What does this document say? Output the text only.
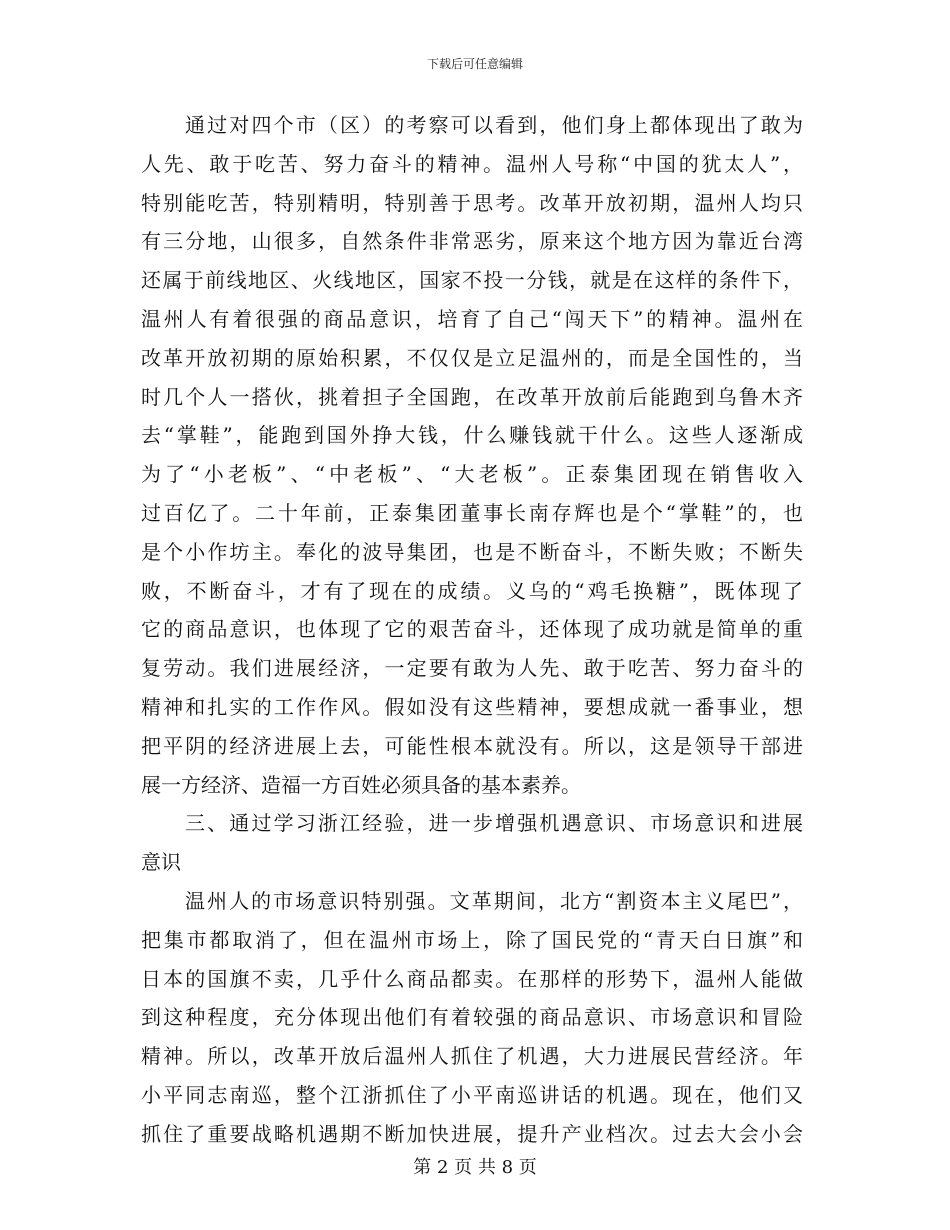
下载后可任意编辑
通过对四个市（区）的考察可以看到，他们身上都体现出了敢为
人先、敢于吃苦、努力奋斗的精神。温州人号称“中国的犹太人”，
特别能吃苦，特别精明，特别善于思考。改革开放初期，温州人均只
有三分地，山很多，自然条件非常恶劣，原来这个地方因为靠近台湾
还属于前线地区、火线地区，国家不投一分钱，就是在这样的条件下，
温州人有着很强的商品意识，培育了自己“闯天下”的精神。温州在
改革开放初期的原始积累，不仅仅是立足温州的，而是全国性的，当
时几个人一搭伙，挑着担子全国跑，在改革开放前后能跑到乌鲁木齐
去“掌鞋”，能跑到国外挣大钱，什么赚钱就干什么。这些人逐渐成
为了“小老板”、“中老板”、“大老板”。正泰集团现在销售收入
过百亿了。二十年前，正泰集团董事长南存辉也是个“掌鞋”的，也
是个小作坊主。奉化的波导集团，也是不断奋斗，不断失败；不断失
败，不断奋斗，才有了现在的成绩。义乌的“鸡毛换糖”，既体现了
它的商品意识，也体现了它的艰苦奋斗，还体现了成功就是简单的重
复劳动。我们进展经济，一定要有敢为人先、敢于吃苦、努力奋斗的
精神和扎实的工作作风。假如没有这些精神，要想成就一番事业，想
把平阴的经济进展上去，可能性根本就没有。所以，这是领导干部进
展一方经济、造福一方百姓必须具备的基本素养。
三、通过学习浙江经验，进一步增强机遇意识、市场意识和进展
意识
温州人的市场意识特别强。文革期间，北方“割资本主义尾巴”，
把集市都取消了，但在温州市场上，除了国民党的“青天白日旗”和
日本的国旗不卖，几乎什么商品都卖。在那样的形势下，温州人能做
到这种程度，充分体现出他们有着较强的商品意识、市场意识和冒险
精神。所以，改革开放后温州人抓住了机遇，大力进展民营经济。年
小平同志南巡，整个江浙抓住了小平南巡讲话的机遇。现在，他们又
抓住了重要战略机遇期不断加快进展，提升产业档次。过去大会小会
第 2 页 共 8 页
